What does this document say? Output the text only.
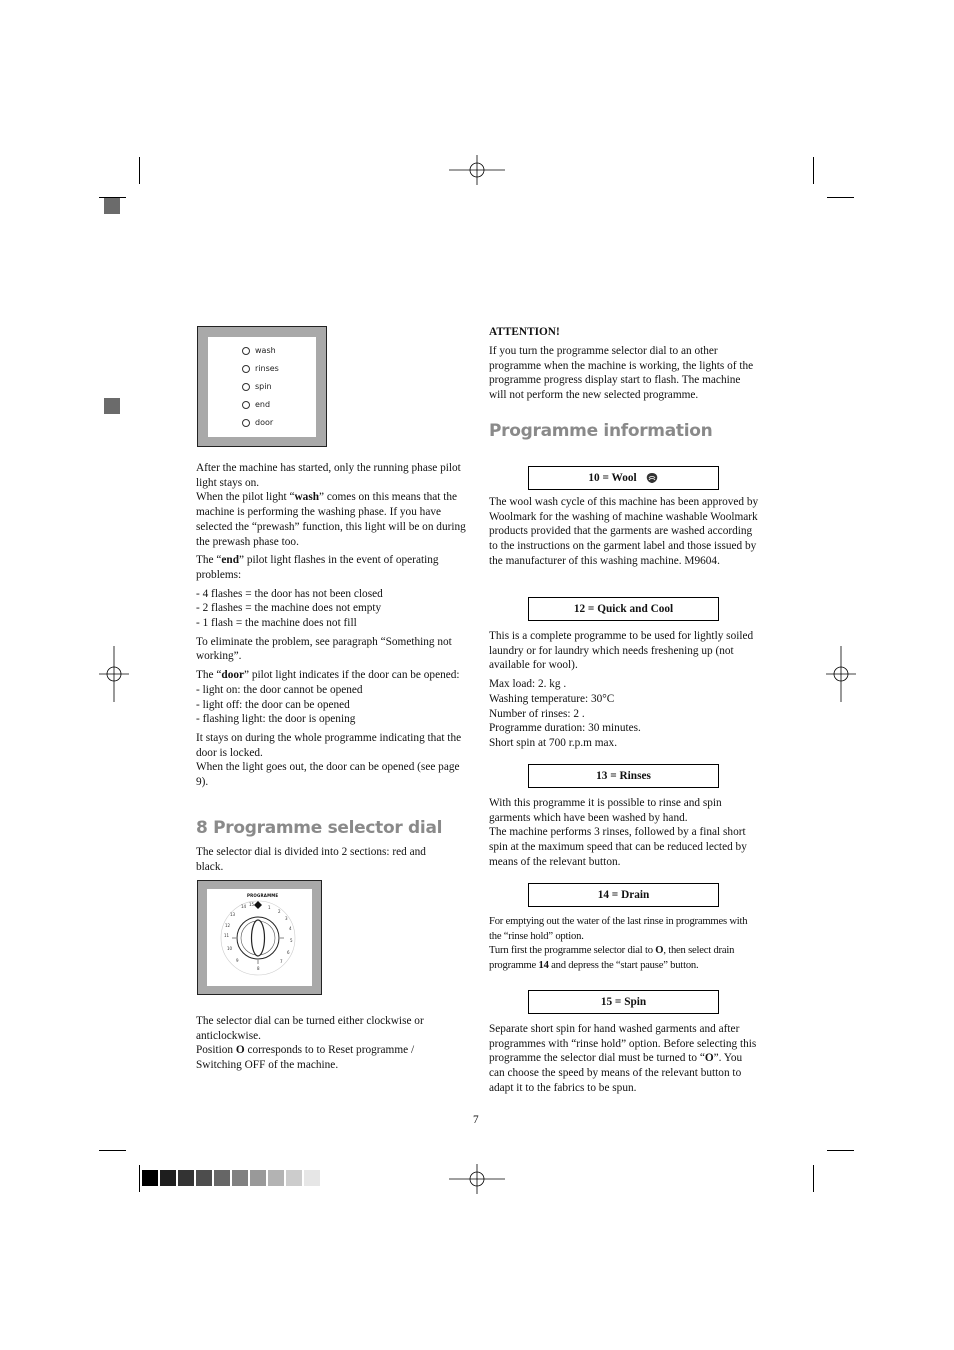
wash
rinses
spin
end
door

After the machine has started, only the running phase pilot light stays on.

When the pilot light “wash” comes on this means that the machine is performing the washing phase. If you have selected the “prewash” function, this light will be on during the prewash phase too.

The “end” pilot light flashes in the event of operating problems:

- 4 flashes = the door has not been closed
- 2 flashes = the machine does not empty
- 1 flash = the machine does not fill

To eliminate the problem, see paragraph “Something not working”.

The “door” pilot light indicates if the door can be opened:

- light on: the door cannot be opened
- light off: the door can be opened
- flashing light: the door is opening

It stays on during the whole programme indicating that the door is locked.

When the light goes out, the door can be opened (see page 9).

8 Programme selector dial
The selector dial is divided into 2 sections: red and black.
PROGRAMME
1
2
3
4
5
6
7
8
9
10
11
12
13
14 15

The selector dial can be turned either clockwise or anticlockwise.

Position O corresponds to to Reset programme / Switching OFF of the machine.

ATTENTION!
If you turn the programme selector dial to an other programme when the machine is working, the lights of the programme progress display start to flash. The machine will not perform the new selected programme.
Programme information
10 = Wool
The wool wash cycle of this machine has been approved by Woolmark for the washing of machine washable Woolmark products provided that the garments are washed according to the instructions on the garment label and those issued by the manufacturer of this washing machine. M9604.
12 = Quick and Cool

This is a complete programme to be used for lightly soiled laundry or for laundry which needs freshening up (not available for wool).

Max load: 2. kg .
Washing temperature: 30°C
Number of rinses: 2 .
Programme duration: 30 minutes.
Short spin at 700 r.p.m max.
13 = Rinses

With this programme it is possible to rinse and spin garments which have been washed by hand.

The machine performs 3 rinses, followed by a final short spin at the maximum speed that can be reduced lected by means of the relevant button.

14 = Drain

For emptying out the water of the last rinse in programmes with the “rinse hold” option.

Turn first the programme selector dial to O, then select drain programme 14 and depress the “start pause” button.

15 = Spin

Separate short spin for hand washed garments and after programmes with “rinse hold” option. Before selecting this programme the selector dial must be turned to “O”. You can choose the speed by means of the relevant button to adapt it to the fabrics to be spun.

7
